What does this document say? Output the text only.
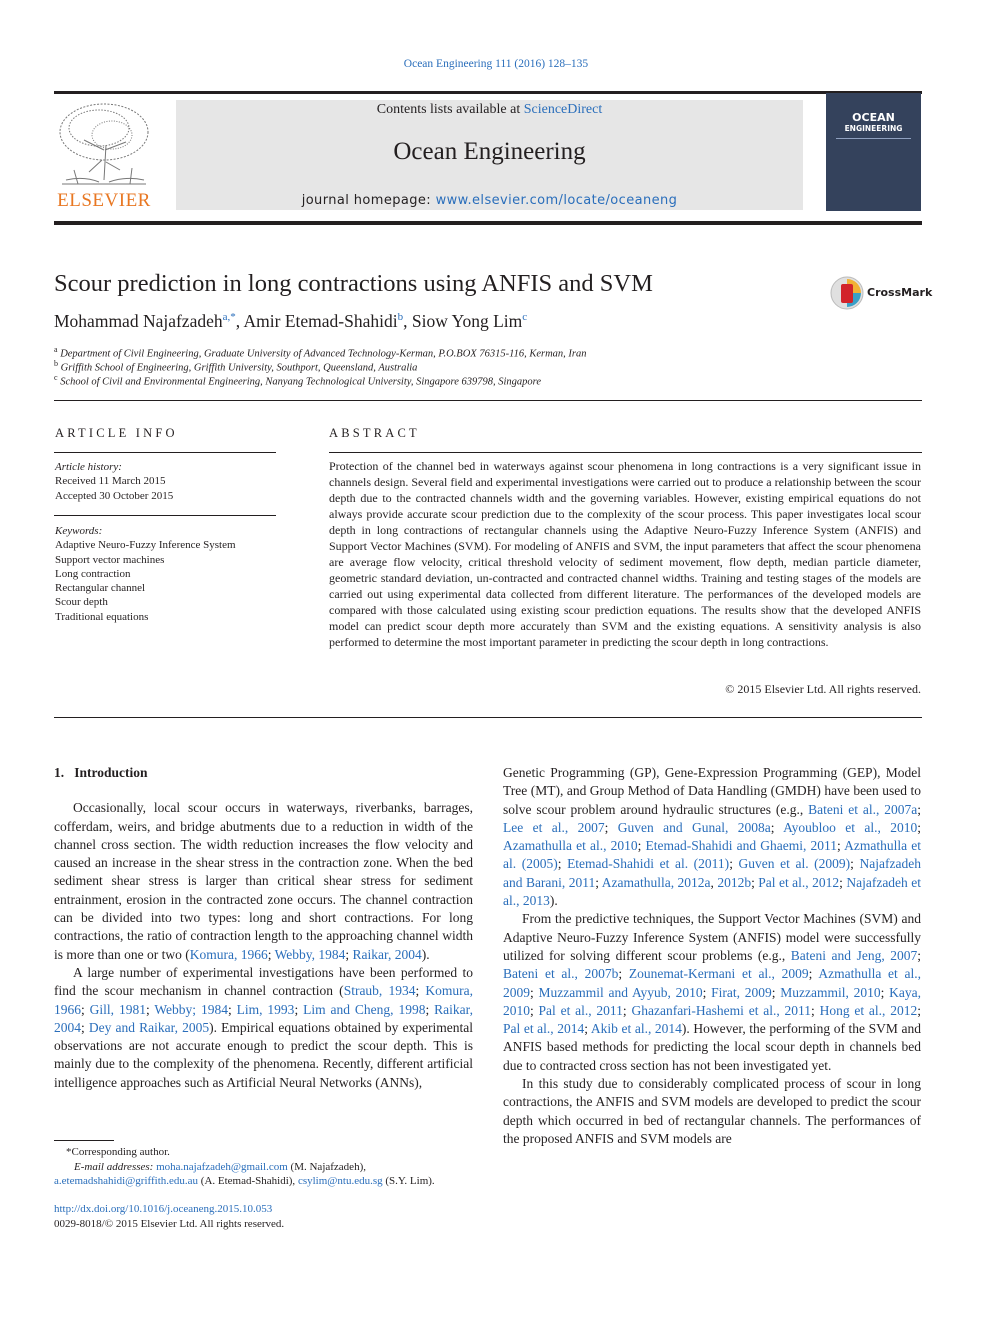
Ocean Engineering 111 (2016) 128–135
ELSEVIER
Contents lists available at ScienceDirect
Ocean Engineering
journal homepage: www.elsevier.com/locate/oceaneng
OCEAN
ENGINEERING
Scour prediction in long contractions using ANFIS and SVM	CrossMark
Mohammad Najafzadeh$^{a,*}$, Amir Etemad-Shahidi$^b$, Siow Yong Lim$^c$
$^a$ Department of Civil Engineering, Graduate University of Advanced Technology-Kerman, P.O.BOX 76315-116, Kerman, Iran
$^b$ Griffith School of Engineering, Griffith University, Southport, Queensland, Australia
$^c$ School of Civil and Environmental Engineering, Nanyang Technological University, Singapore 639798, Singapore
ARTICLE INFO
Article history:
Received 11 March 2015
Accepted 30 October 2015
Keywords:
Adaptive Neuro-Fuzzy Inference System
Support vector machines
Long contraction
Rectangular channel
Scour depth
Traditional equations
ABSTRACT
Protection of the channel bed in waterways against scour phenomena in long contractions is a very significant issue in channels design. Several field and experimental investigations were carried out to produce a relationship between the scour depth due to the contracted channels width and the governing variables. However, existing empirical equations do not always provide accurate scour prediction due to the complexity of the scour process. This paper investigates local scour depth in long contractions of rectangular channels using the Adaptive Neuro-Fuzzy Inference System (ANFIS) and Support Vector Machines (SVM). For modeling of ANFIS and SVM, the input parameters that affect the scour phenomena are average flow velocity, critical threshold velocity of sediment movement, flow depth, median particle diameter, geometric standard deviation, un-contracted and contracted channel widths. Training and testing stages of the models are carried out using experimental data collected from different literature. The performances of the developed models are compared with those calculated using existing scour prediction equations. The results show that the developed ANFIS model can predict scour depth more accurately than SVM and the existing equations. A sensitivity analysis is also performed to determine the most important parameter in predicting the scour depth in long contractions.
© 2015 Elsevier Ltd. All rights reserved.

1. Introduction

Occasionally, local scour occurs in waterways, riverbanks, barrages, cofferdam, weirs, and bridge abutments due to a reduction in width of the channel cross section. The width reduction increases the flow velocity and caused an increase in the shear stress in the contraction zone. When the bed sediment shear stress is larger than critical shear stress for sediment entrainment, erosion in the contracted zone occurs. The channel contraction can be divided into two types: long and short contractions. For long contractions, the ratio of contraction length to the approaching channel width is more than one or two (Komura, 1966; Webby, 1984; Raikar, 2004).

A large number of experimental investigations have been performed to find the scour mechanism in channel contraction (Straub, 1934; Komura, 1966; Gill, 1981; Webby; 1984; Lim, 1993; Lim and Cheng, 1998; Raikar, 2004; Dey and Raikar, 2005). Empirical equations obtained by experimental observations are not accurate enough to predict the scour depth. This is mainly due to the complexity of the phenomena. Recently, different artificial intelligence approaches such as Artificial Neural Networks (ANNs),

Genetic Programming (GP), Gene-Expression Programming (GEP), Model Tree (MT), and Group Method of Data Handling (GMDH) have been used to solve scour problem around hydraulic structures (e.g., Bateni et al., 2007a; Lee et al., 2007; Guven and Gunal, 2008a; Ayoubloo et al., 2010; Azamathulla et al., 2010; Etemad-Shahidi and Ghaemi, 2011; Azmathulla et al. (2005); Etemad-Shahidi et al. (2011); Guven et al. (2009); Najafzadeh and Barani, 2011; Azamathulla, 2012a, 2012b; Pal et al., 2012; Najafzadeh et al., 2013).

From the predictive techniques, the Support Vector Machines (SVM) and Adaptive Neuro-Fuzzy Inference System (ANFIS) model were successfully utilized for solving different scour problems (e.g., Bateni and Jeng, 2007; Bateni et al., 2007b; Zounemat-Kermani et al., 2009; Azmathulla et al., 2009; Muzzammil and Ayyub, 2010; Firat, 2009; Muzzammil, 2010; Kaya, 2010; Pal et al., 2011; Ghazanfari-Hashemi et al., 2011; Hong et al., 2012; Pal et al., 2014; Akib et al., 2014). However, the performing of the SVM and ANFIS based methods for predicting the local scour depth in channels bed due to contracted cross section has not been investigated yet.

In this study due to considerably complicated process of scour in long contractions, the ANFIS and SVM models are developed to predict the scour depth which occurred in bed of rectangular channels. The performances of the proposed ANFIS and SVM models are

*Corresponding author.
E-mail addresses: moha.najafzadeh@gmail.com (M. Najafzadeh),
a.etemadshahidi@griffith.edu.au (A. Etemad-Shahidi), csylim@ntu.edu.sg (S.Y. Lim).
http://dx.doi.org/10.1016/j.oceaneng.2015.10.053
0029-8018/© 2015 Elsevier Ltd. All rights reserved.
